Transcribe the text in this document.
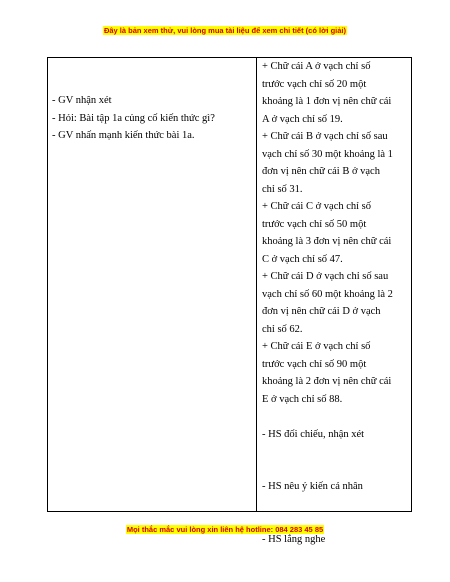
Đây là bản xem thử, vui lòng mua tài liệu để xem chi tiết (có lời giải)
- GV nhận xét
- Hỏi: Bài tập 1a củng cố kiến thức gì?
- GV nhấn mạnh kiến thức bài 1a.
+ Chữ cái A ở vạch chỉ số
trước vạch chỉ số 20 một
khoảng là 1 đơn vị nên chữ cái
A ở vạch chỉ số 19.
+ Chữ cái B ở vạch chỉ số sau
vạch chỉ số 30 một khoảng là 1
đơn vị nên chữ cái B ở vạch
chỉ số 31.
+ Chữ cái C ở vạch chỉ số
trước vạch chỉ số 50 một
khoảng là 3 đơn vị nên chữ cái
C ở vạch chỉ số 47.
+ Chữ cái D ở vạch chỉ số sau
vạch chỉ số 60 một khoảng là 2
đơn vị nên chữ cái D ở vạch
chỉ số 62.
+ Chữ cái E ở vạch chỉ số
trước vạch chỉ số 90 một
khoảng là 2 đơn vị nên chữ cái
E ở vạch chỉ số 88.
- HS đối chiếu, nhận xét
- HS nêu ý kiến cá nhân
- HS lắng nghe
Mọi thắc mắc vui lòng xin liên hệ hotline: 084 283 45 85
